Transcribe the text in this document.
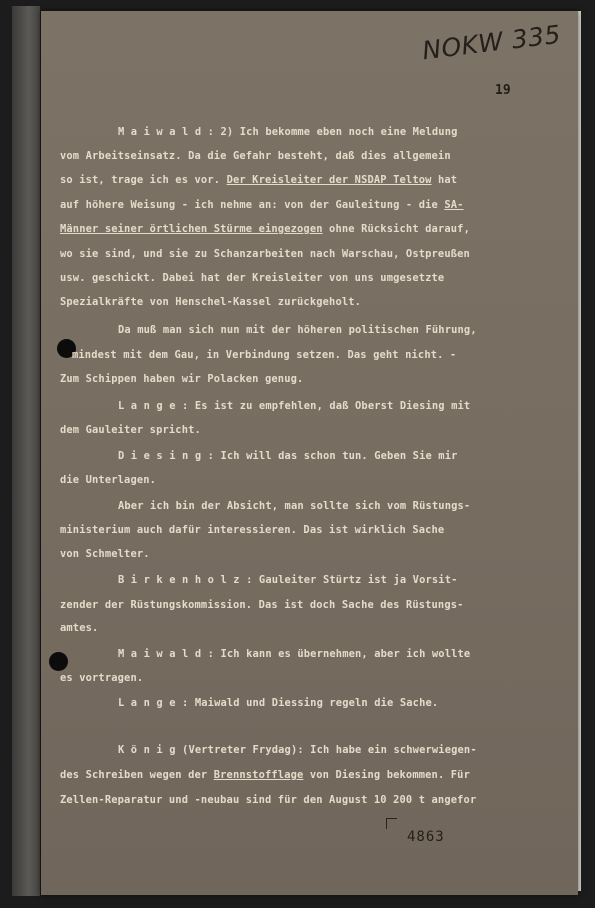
NOKW 335
19
M a i w a l d : 2) Ich bekomme eben noch eine Meldung
vom Arbeitseinsatz. Da die Gefahr besteht, daß dies allgemein
so ist, trage ich es vor. Der Kreisleiter der NSDAP Teltow hat
auf höhere Weisung - ich nehme an: von der Gauleitung - die SA-
Männer seiner örtlichen Stürme eingezogen ohne Rücksicht darauf,
wo sie sind, und sie zu Schanzarbeiten nach Warschau, Ostpreußen
usw. geschickt. Dabei hat der Kreisleiter von uns umgesetzte
Spezialkräfte von Henschel-Kassel zurückgeholt.
Da muß man sich nun mit der höheren politischen Führung,
mindest mit dem Gau, in Verbindung setzen. Das geht nicht. -
Zum Schippen haben wir Polacken genug.
L a n g e : Es ist zu empfehlen, daß Oberst Diesing mit
dem Gauleiter spricht.
D i e s i n g : Ich will das schon tun. Geben Sie mir
die Unterlagen.
Aber ich bin der Absicht, man sollte sich vom Rüstungs-
ministerium auch dafür interessieren. Das ist wirklich Sache
von Schmelter.
B i r k e n h o l z : Gauleiter Stürtz ist ja Vorsit-
zender der Rüstungskommission. Das ist doch Sache des Rüstungs-
amtes.
M a i w a l d : Ich kann es übernehmen, aber ich wollte
es vortragen.
L a n g e : Maiwald und Diessing regeln die Sache.
K ö n i g (Vertreter Frydag): Ich habe ein schwerwiegen-
des Schreiben wegen der Brennstofflage von Diesing bekommen. Für
Zellen-Reparatur und -neubau sind für den August 10 200 t angefor
4863
